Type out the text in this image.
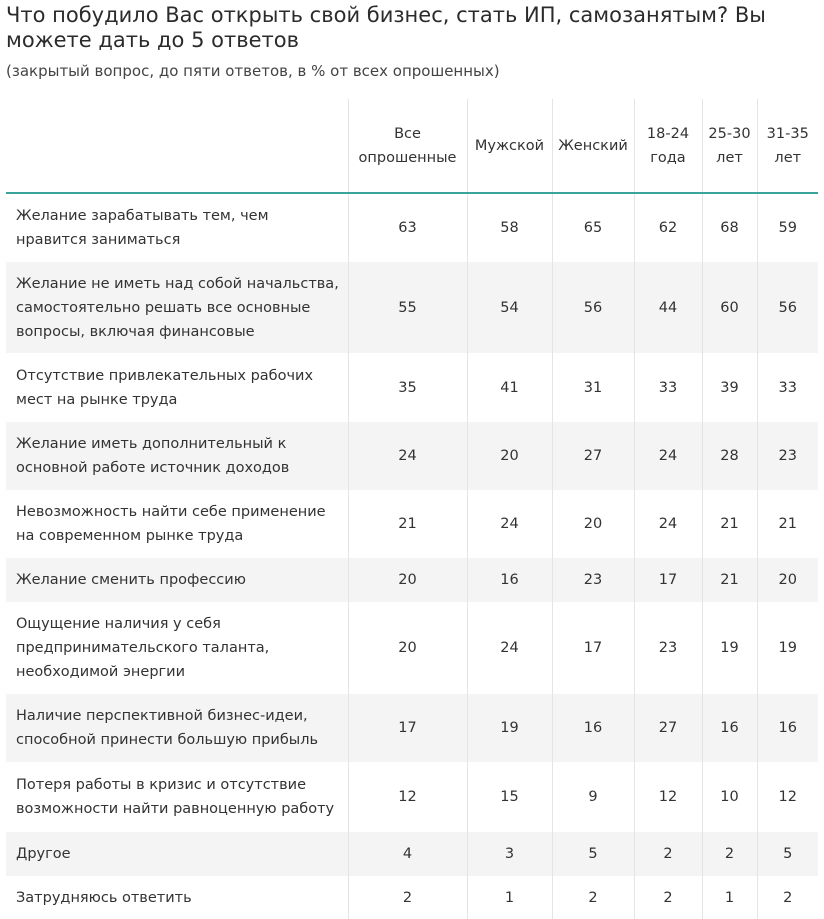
Что побудило Вас открыть свой бизнес, стать ИП, самозанятым? Вы можете дать до 5 ответов

(закрытый вопрос, до пяти ответов, в % от всех опрошенных)

	Все опрошенные	Мужской	Женский	18-24 года	25-30 лет	31-35 лет
Желание зарабатывать тем, чем нравится заниматься	63	58	65	62	68	59
Желание не иметь над собой начальства, самостоятельно решать все основные вопросы, включая финансовые	55	54	56	44	60	56
Отсутствие привлекательных рабочих мест на рынке труда	35	41	31	33	39	33
Желание иметь дополнительный к основной работе источник доходов	24	20	27	24	28	23
Невозможность найти себе применение на современном рынке труда	21	24	20	24	21	21
Желание сменить профессию	20	16	23	17	21	20
Ощущение наличия у себя предпринимательского таланта, необходимой энергии	20	24	17	23	19	19
Наличие перспективной бизнес-идеи, способной принести большую прибыль	17	19	16	27	16	16
Потеря работы в кризис и отсутствие возможности найти равноценную работу	12	15	9	12	10	12
Другое	4	3	5	2	2	5
Затрудняюсь ответить	2	1	2	2	1	2
